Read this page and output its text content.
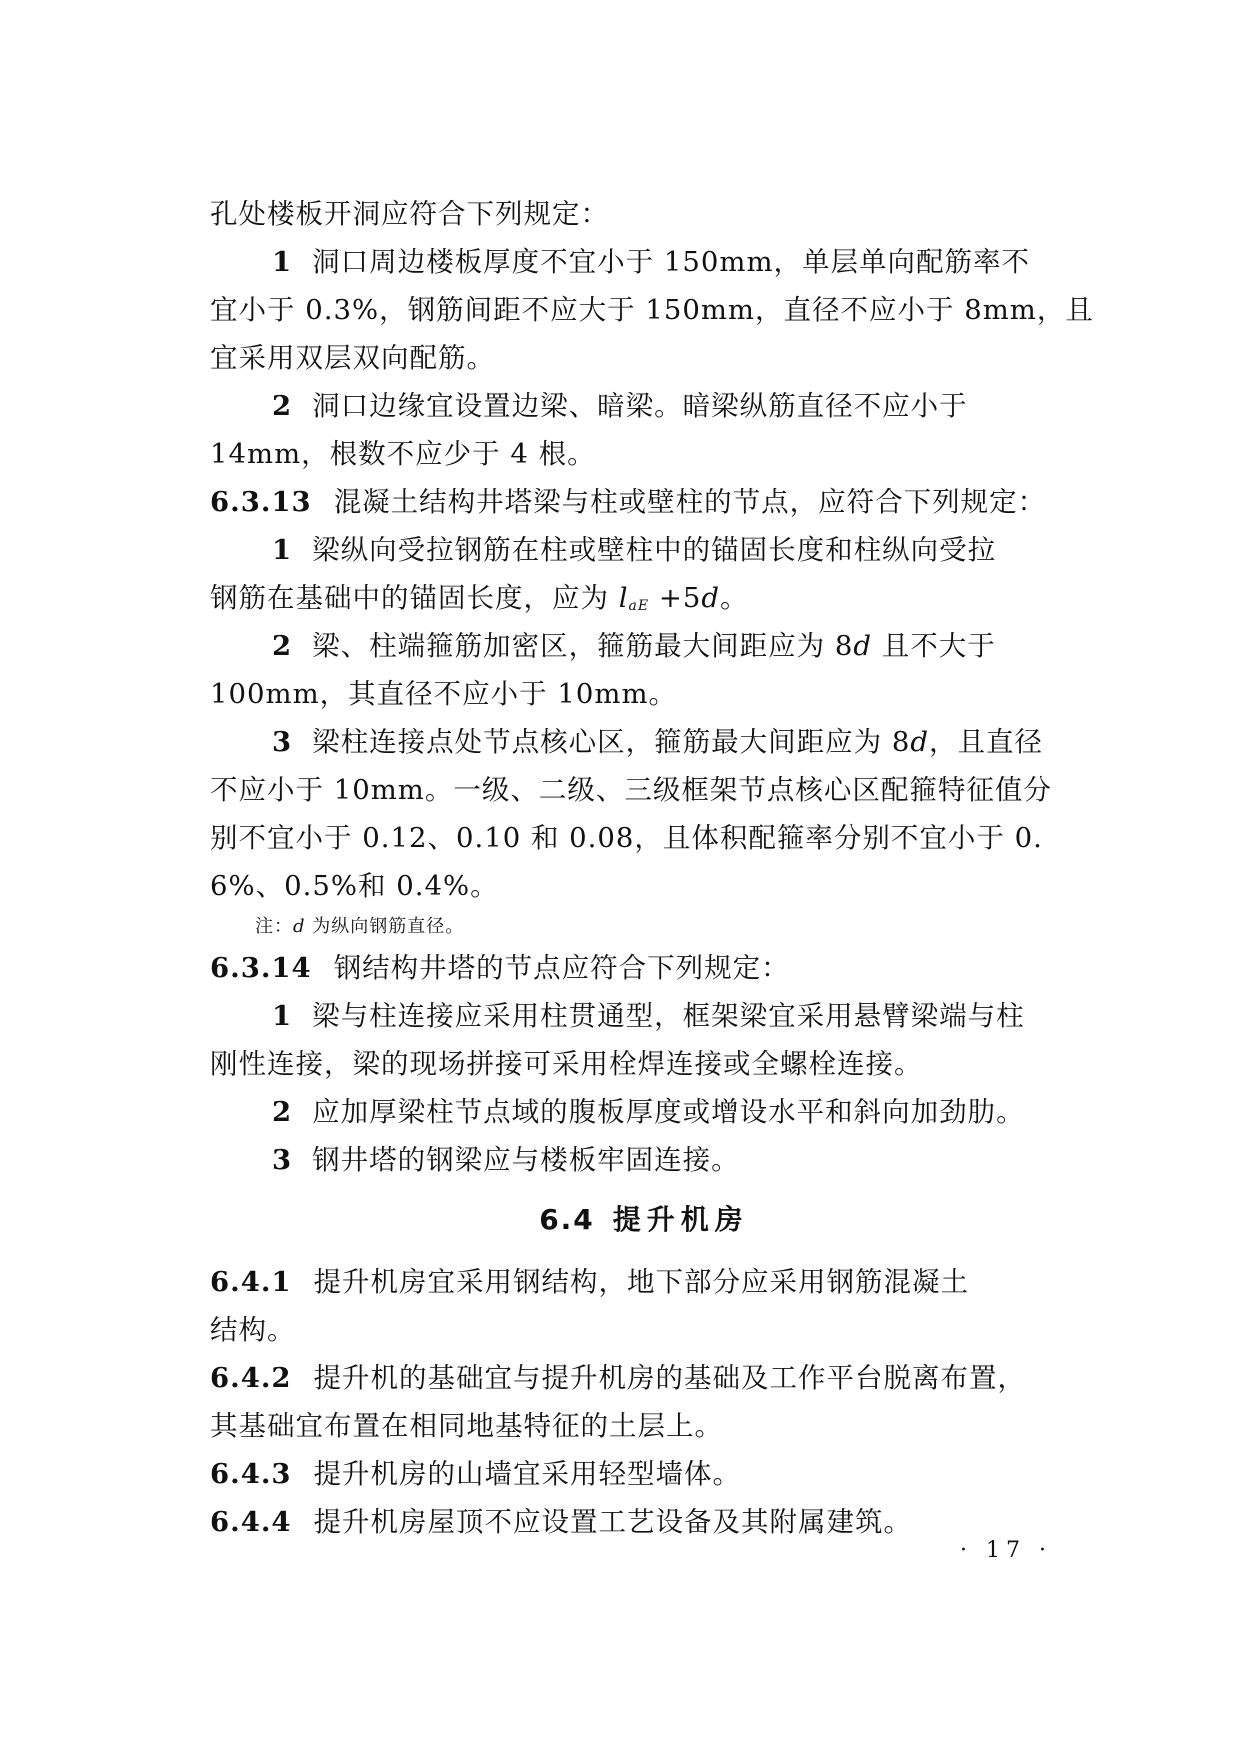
孔处楼板开洞应符合下列规定：
1 洞口周边楼板厚度不宜小于 150mm，单层单向配筋率不
宜小于 0.3%，钢筋间距不应大于 150mm，直径不应小于 8mm，且
宜采用双层双向配筋。
2 洞口边缘宜设置边梁、暗梁。暗梁纵筋直径不应小于
14mm，根数不应少于 4 根。
6.3.13 混凝土结构井塔梁与柱或壁柱的节点，应符合下列规定：
1 梁纵向受拉钢筋在柱或壁柱中的锚固长度和柱纵向受拉
钢筋在基础中的锚固长度，应为 $l_{aE} +5d$。
2 梁、柱端箍筋加密区，箍筋最大间距应为 8d 且不大于
100mm，其直径不应小于 10mm。
3 梁柱连接点处节点核心区，箍筋最大间距应为 8d，且直径
不应小于 10mm。一级、二级、三级框架节点核心区配箍特征值分
别不宜小于 0.12、0.10 和 0.08，且体积配箍率分别不宜小于 0.
6%、0.5%和 0.4%。
注：d 为纵向钢筋直径。
6.3.14 钢结构井塔的节点应符合下列规定：
1 梁与柱连接应采用柱贯通型，框架梁宜采用悬臂梁端与柱
刚性连接，梁的现场拼接可采用栓焊连接或全螺栓连接。
2 应加厚梁柱节点域的腹板厚度或增设水平和斜向加劲肋。
3 钢井塔的钢梁应与楼板牢固连接。
6.4 提升机房
6.4.1 提升机房宜采用钢结构，地下部分应采用钢筋混凝土
结构。
6.4.2 提升机的基础宜与提升机房的基础及工作平台脱离布置，
其基础宜布置在相同地基特征的土层上。
6.4.3 提升机房的山墙宜采用轻型墙体。
6.4.4 提升机房屋顶不应设置工艺设备及其附属建筑。
· 17 ·
